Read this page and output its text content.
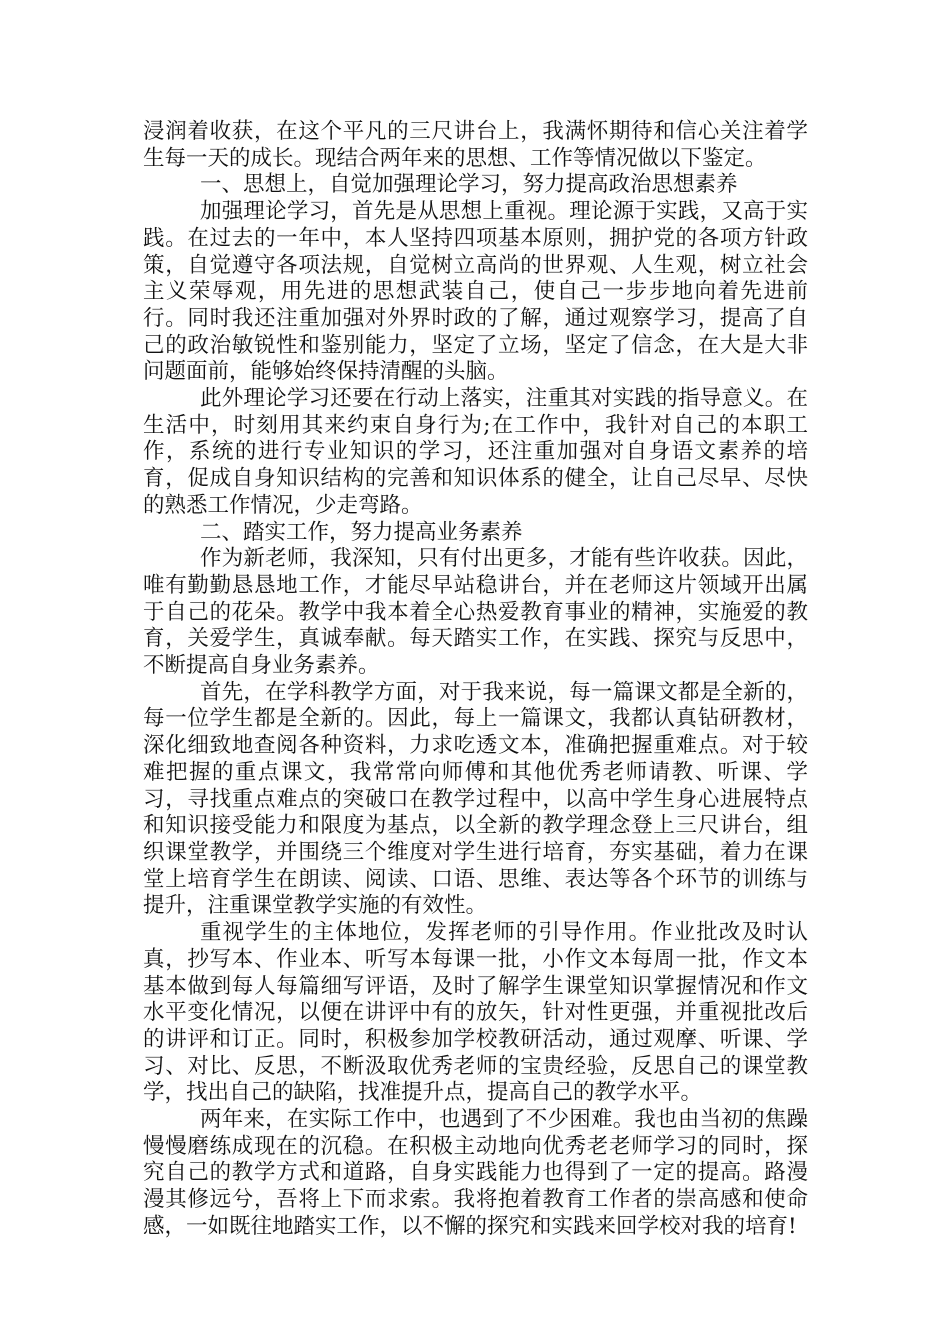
浸润着收获，在这个平凡的三尺讲台上，我满怀期待和信心关注着学生每一天的成长。现结合两年来的思想、工作等情况做以下鉴定。

一、思想上，自觉加强理论学习，努力提高政治思想素养

加强理论学习，首先是从思想上重视。理论源于实践，又高于实践。在过去的一年中，本人坚持四项基本原则，拥护党的各项方针政策，自觉遵守各项法规，自觉树立高尚的世界观、人生观，树立社会主义荣辱观，用先进的思想武装自己，使自己一步步地向着先进前行。同时我还注重加强对外界时政的了解，通过观察学习，提高了自己的政治敏锐性和鉴别能力，坚定了立场，坚定了信念，在大是大非问题面前，能够始终保持清醒的头脑。

此外理论学习还要在行动上落实，注重其对实践的指导意义。在生活中，时刻用其来约束自身行为;在工作中，我针对自己的本职工作，系统的进行专业知识的学习，还注重加强对自身语文素养的培育，促成自身知识结构的完善和知识体系的健全，让自己尽早、尽快的熟悉工作情况，少走弯路。

二、踏实工作，努力提高业务素养

作为新老师，我深知，只有付出更多，才能有些许收获。因此，唯有勤勤恳恳地工作，才能尽早站稳讲台，并在老师这片领域开出属于自己的花朵。教学中我本着全心热爱教育事业的精神，实施爱的教育，关爱学生，真诚奉献。每天踏实工作，在实践、探究与反思中，不断提高自身业务素养。

首先，在学科教学方面，对于我来说，每一篇课文都是全新的，每一位学生都是全新的。因此，每上一篇课文，我都认真钻研教材，深化细致地查阅各种资料，力求吃透文本，准确把握重难点。对于较难把握的重点课文，我常常向师傅和其他优秀老师请教、听课、学习，寻找重点难点的突破口在教学过程中，以高中学生身心进展特点和知识接受能力和限度为基点，以全新的教学理念登上三尺讲台，组织课堂教学，并围绕三个维度对学生进行培育，夯实基础，着力在课堂上培育学生在朗读、阅读、口语、思维、表达等各个环节的训练与提升，注重课堂教学实施的有效性。

重视学生的主体地位，发挥老师的引导作用。作业批改及时认真，抄写本、作业本、听写本每课一批，小作文本每周一批，作文本基本做到每人每篇细写评语，及时了解学生课堂知识掌握情况和作文水平变化情况，以便在讲评中有的放矢，针对性更强，并重视批改后的讲评和订正。同时，积极参加学校教研活动，通过观摩、听课、学习、对比、反思，不断汲取优秀老师的宝贵经验，反思自己的课堂教学，找出自己的缺陷，找准提升点，提高自己的教学水平。

两年来，在实际工作中，也遇到了不少困难。我也由当初的焦躁慢慢磨练成现在的沉稳。在积极主动地向优秀老老师学习的同时，探究自己的教学方式和道路，自身实践能力也得到了一定的提高。路漫漫其修远兮，吾将上下而求索。我将抱着教育工作者的崇高感和使命感，一如既往地踏实工作，以不懈的探究和实践来回学校对我的培育!
